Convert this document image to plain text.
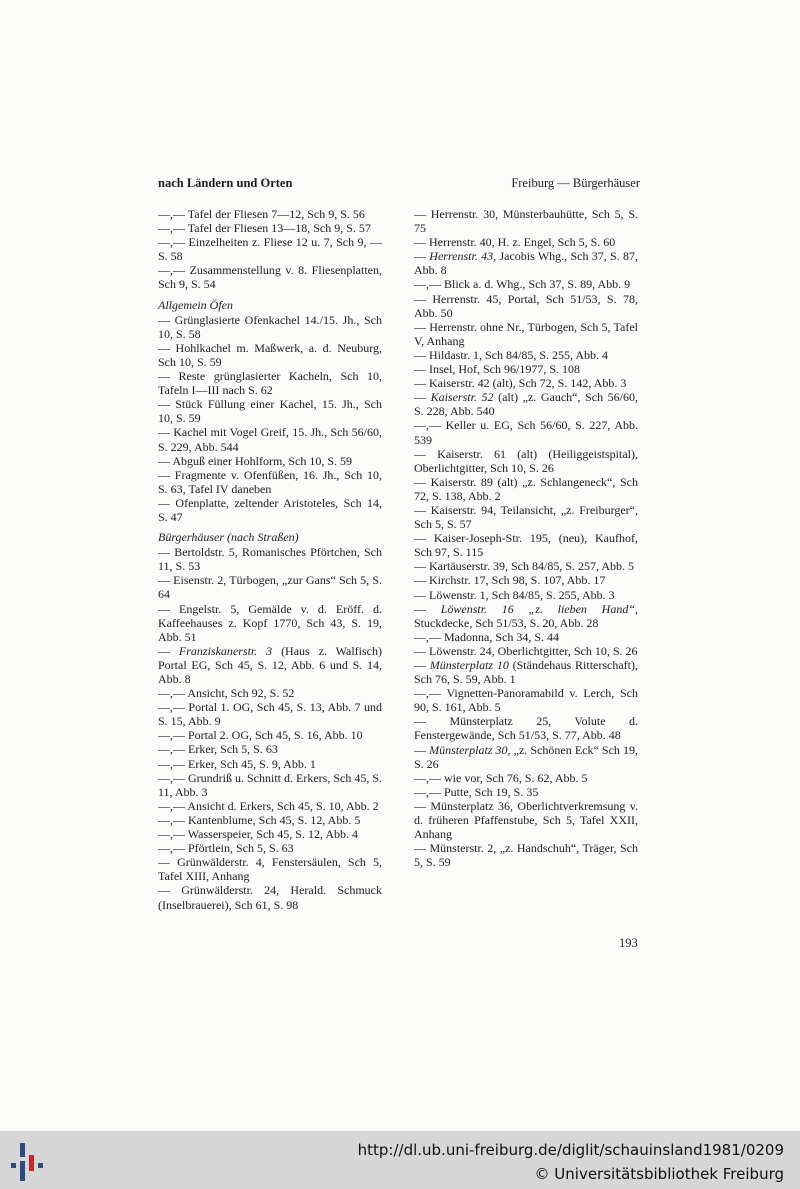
nach Ländern und Orten	Freiburg — Bürgerhäuser

—,— Tafel der Fliesen 7—12, Sch 9, S. 56

—,— Tafel der Fliesen 13—18, Sch 9, S. 57

—,— Einzelheiten z. Fliese 12 u. 7, Sch 9, — S. 58

—,— Zusammenstellung v. 8. Fliesenplatten, Sch 9, S. 54

Allgemein Öfen

— Grünglasierte Ofenkachel 14./15. Jh., Sch 10, S. 58

— Hohlkachel m. Maßwerk, a. d. Neuburg, Sch 10, S. 59

— Reste grünglasierter Kacheln, Sch 10, Tafeln I—III nach S. 62

— Stück Füllung einer Kachel, 15. Jh., Sch 10, S. 59

— Kachel mit Vogel Greif, 15. Jh., Sch 56/60, S. 229, Abb. 544

— Abguß einer Hohlform, Sch 10, S. 59

— Fragmente v. Ofenfüßen, 16. Jh., Sch 10, S. 63, Tafel IV daneben

— Ofenplatte, zeltender Aristoteles, Sch 14, S. 47

Bürgerhäuser (nach Straßen)

— Bertoldstr. 5, Romanisches Pförtchen, Sch 11, S. 53

— Eisenstr. 2, Türbogen, „zur Gans“ Sch 5, S. 64

— Engelstr. 5, Gemälde v. d. Eröff. d. Kaffeehauses z. Kopf 1770, Sch 43, S. 19, Abb. 51

— Franziskanerstr. 3 (Haus z. Walfisch) Portal EG, Sch 45, S. 12, Abb. 6 und S. 14, Abb. 8

—,— Ansicht, Sch 92, S. 52

—,— Portal 1. OG, Sch 45, S. 13, Abb. 7 und S. 15, Abb. 9

—,— Portal 2. OG, Sch 45, S. 16, Abb. 10

—,— Erker, Sch 5, S. 63

—,— Erker, Sch 45, S. 9, Abb. 1

—,— Grundriß u. Schnitt d. Erkers, Sch 45, S. 11, Abb. 3

—,— Ansicht d. Erkers, Sch 45, S. 10, Abb. 2

—,— Kantenblume, Sch 45, S. 12, Abb. 5

—,— Wasserspeier, Sch 45, S. 12, Abb. 4

—,— Pförtlein, Sch 5, S. 63

— Grünwälderstr. 4, Fenstersäulen, Sch 5, Tafel XIII, Anhang

— Grünwälderstr. 24, Herald. Schmuck (Inselbrauerei), Sch 61, S. 98

— Herrenstr. 30, Münsterbauhütte, Sch 5, S. 75

— Herrenstr. 40, H. z. Engel, Sch 5, S. 60

— Herrenstr. 43, Jacobis Whg., Sch 37, S. 87, Abb. 8

—,— Blick a. d. Whg., Sch 37, S. 89, Abb. 9

— Herrenstr. 45, Portal, Sch 51/53, S. 78, Abb. 50

— Herrenstr. ohne Nr., Türbogen, Sch 5, Tafel V, Anhang

— Hildastr. 1, Sch 84/85, S. 255, Abb. 4

— Insel, Hof, Sch 96/1977, S. 108

— Kaiserstr. 42 (alt), Sch 72, S. 142, Abb. 3

— Kaiserstr. 52 (alt) „z. Gauch“, Sch 56/60, S. 228, Abb. 540

—,— Keller u. EG, Sch 56/60, S. 227, Abb. 539

— Kaiserstr. 61 (alt) (Heiliggeistspital), Oberlichtgitter, Sch 10, S. 26

— Kaiserstr. 89 (alt) „z. Schlangeneck“, Sch 72, S. 138, Abb. 2

— Kaiserstr. 94, Teilansicht, „z. Freiburger“, Sch 5, S. 57

— Kaiser-Joseph-Str. 195, (neu), Kaufhof, Sch 97, S. 115

— Kartäuserstr. 39, Sch 84/85, S. 257, Abb. 5

— Kirchstr. 17, Sch 98, S. 107, Abb. 17

— Löwenstr. 1, Sch 84/85, S. 255, Abb. 3

— Löwenstr. 16 „z. lieben Hand“, Stuckdecke, Sch 51/53, S. 20, Abb. 28

—,— Madonna, Sch 34, S. 44

— Löwenstr. 24, Oberlichtgitter, Sch 10, S. 26

— Münsterplatz 10 (Ständehaus Ritterschaft), Sch 76, S. 59, Abb. 1

—,— Vignetten-Panoramabild v. Lerch, Sch 90, S. 161, Abb. 5

— Münsterplatz 25, Volute d. Fenstergewände, Sch 51/53, S. 77, Abb. 48

— Münsterplatz 30, „z. Schönen Eck“ Sch 19, S. 26

—,— wie vor, Sch 76, S. 62, Abb. 5

—,— Putte, Sch 19, S. 35

— Münsterplatz 36, Oberlichtverkremsung v. d. früheren Pfaffenstube, Sch 5, Tafel XXII, Anhang

— Münsterstr. 2, „z. Handschuh“, Träger, Sch 5, S. 59

193
http://dl.ub.uni-freiburg.de/diglit/schauinsland1981/0209
© Universitätsbibliothek Freiburg
